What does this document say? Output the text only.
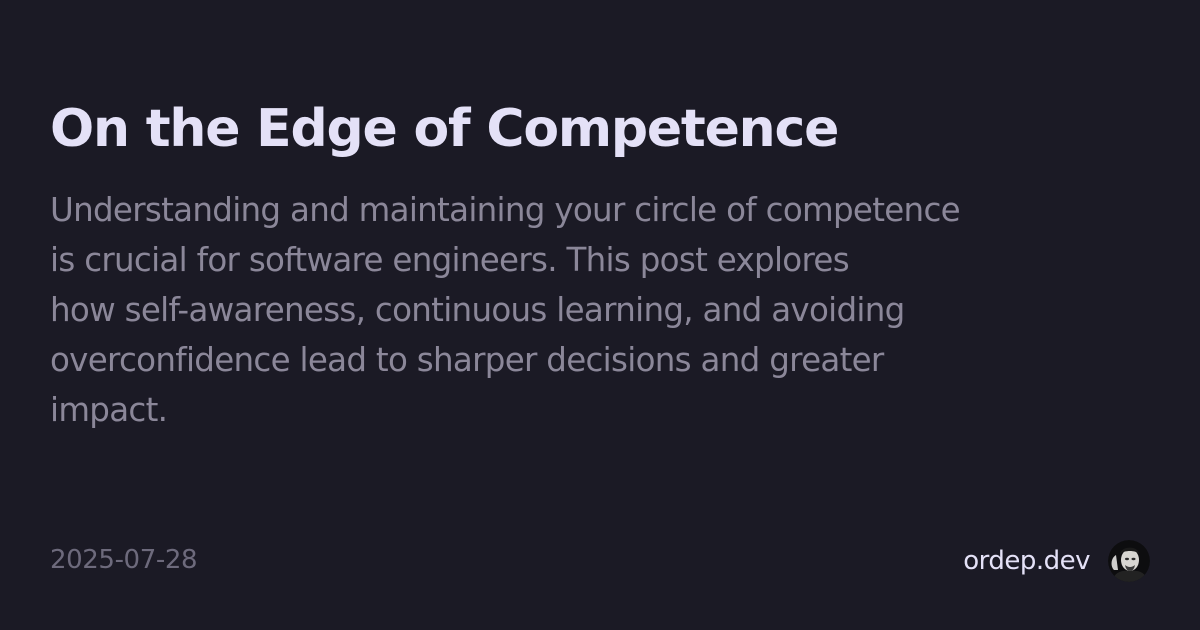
On the Edge of Competence

Understanding and maintaining your circle of competence
is crucial for software engineers. This post explores
how self-awareness, continuous learning, and avoiding
overconfidence lead to sharper decisions and greater
impact.

2025-07-28	ordep.dev
